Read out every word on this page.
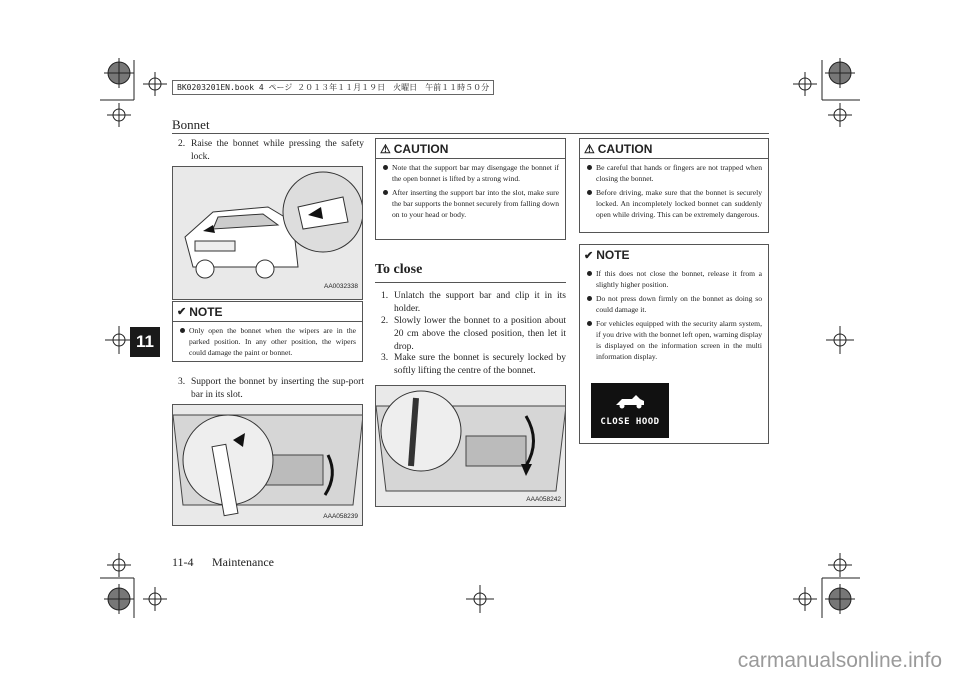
BK0203201EN.book 4 ページ ２０１３年１１月１９日　火曜日　午前１１時５０分
Bonnet
11
2. Raise the bonnet while pressing the safety lock.
AA0032338
✔ NOTE
Only open the bonnet when the wipers are in the parked position. In any other position, the wipers could damage the paint or bonnet.
3. Support the bonnet by inserting the sup-port bar in its slot.
AAA058239
⚠ CAUTION
Note that the support bar may disengage the bonnet if the open bonnet is lifted by a strong wind.
After inserting the support bar into the slot, make sure the bar supports the bonnet securely from falling down on to your head or body.
To close
1. Unlatch the support bar and clip it in its holder.
2. Slowly lower the bonnet to a position about 20 cm above the closed position, then let it drop.
3. Make sure the bonnet is securely locked by softly lifting the centre of the bonnet.
AAA058242
⚠ CAUTION
Be careful that hands or fingers are not trapped when closing the bonnet.
Before driving, make sure that the bonnet is securely locked. An incompletely locked bonnet can suddenly open while driving. This can be extremely dangerous.
✔ NOTE
If this does not close the bonnet, release it from a slightly higher position.
Do not press down firmly on the bonnet as doing so could damage it.
For vehicles equipped with the security alarm system, if you drive with the bonnet left open, warning display is displayed on the information screen in the multi information display.
CLOSE HOOD
11-4 Maintenance
carmanualsonline.info
